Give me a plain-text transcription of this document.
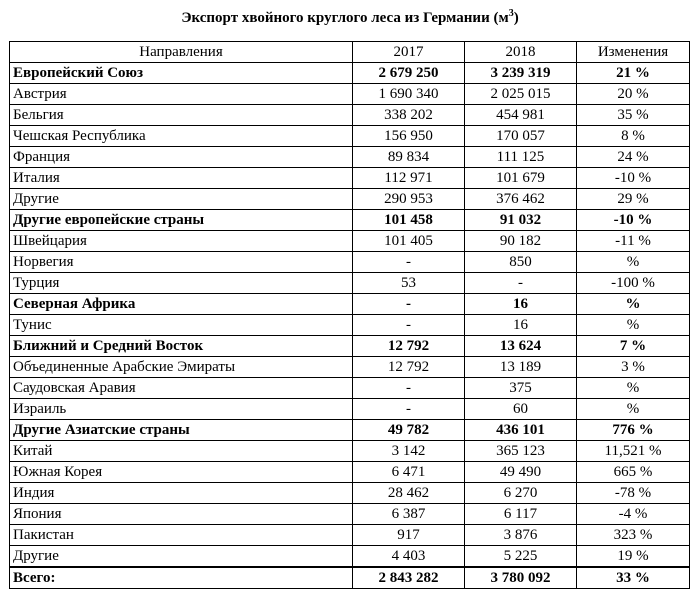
Экспорт хвойного круглого леса из Германии $(м^3)$
Направления	2017	2018	Изменения
Европейский Союз	2 679 250	3 239 319	21 %
Австрия	1 690 340	2 025 015	20 %
Бельгия	338 202	454 981	35 %
Чешская Республика	156 950	170 057	8 %
Франция	89 834	111 125	24 %
Италия	112 971	101 679	-10 %
Другие	290 953	376 462	29 %
Другие европейские страны	101 458	91 032	-10 %
Швейцария	101 405	90 182	-11 %
Норвегия	-	850	%
Турция	53	-	-100 %
Северная Африка	-	16	%
Тунис	-	16	%
Ближний и Средний Восток	12 792	13 624	7 %
Объединенные Арабские Эмираты	12 792	13 189	3 %
Саудовская Аравия	-	375	%
Израиль	-	60	%
Другие Азиатские страны	49 782	436 101	776 %
Китай	3 142	365 123	11,521 %
Южная Корея	6 471	49 490	665 %
Индия	28 462	6 270	-78 %
Япония	6 387	6 117	-4 %
Пакистан	917	3 876	323 %
Другие	4 403	5 225	19 %
Всего:	2 843 282	3 780 092	33 %
